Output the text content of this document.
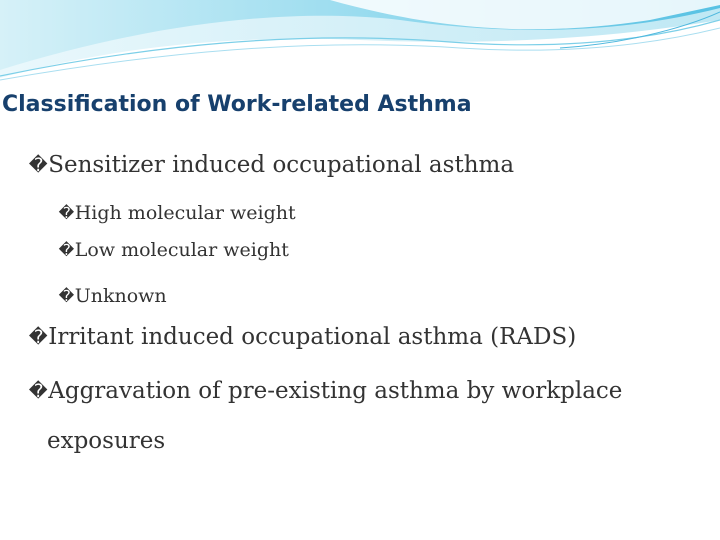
Classification of Work-related Asthma
�Sensitizer induced occupational asthma
�High molecular weight
�Low molecular weight
�Unknown
�Irritant induced occupational asthma (RADS)
�Aggravation of pre-existing asthma by workplace
exposures
